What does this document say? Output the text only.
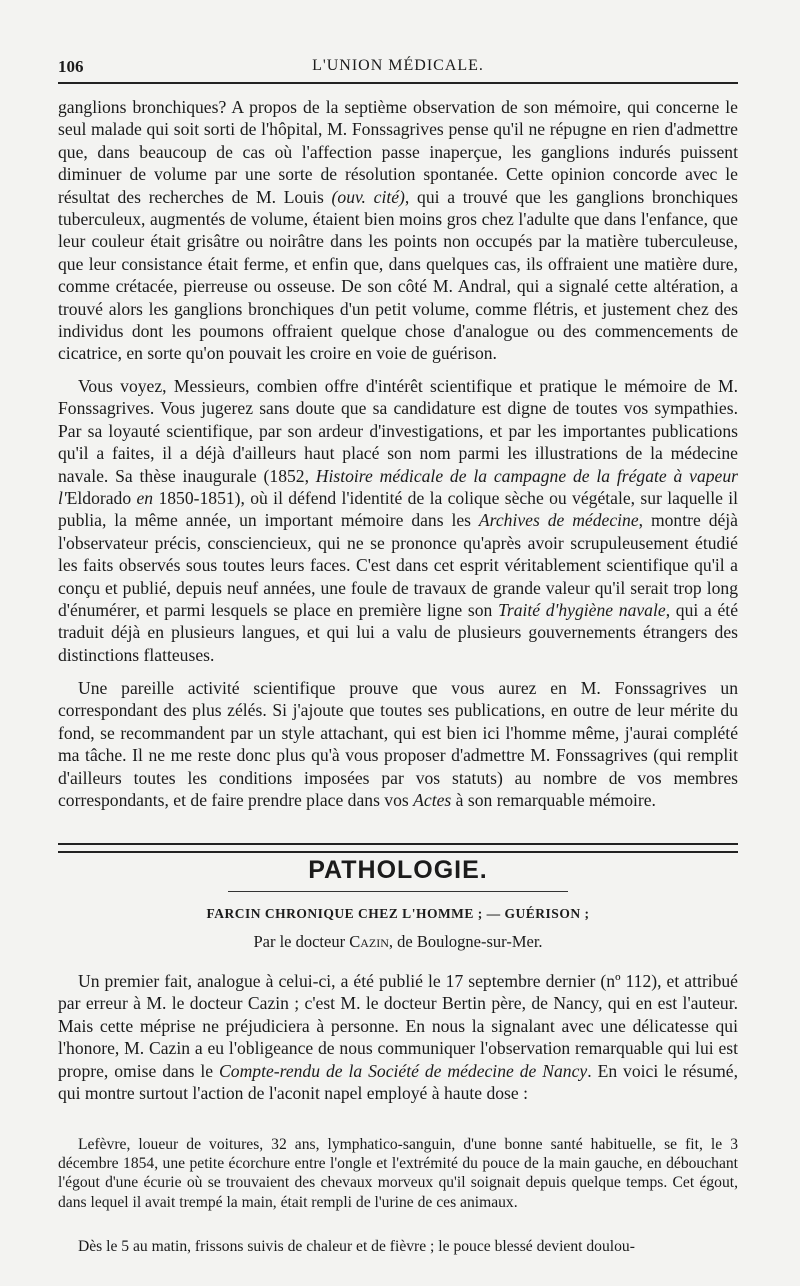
106	L'UNION MÉDICALE.

ganglions bronchiques? A propos de la septième observation de son mémoire, qui concerne le seul malade qui soit sorti de l'hôpital, M. Fonssagrives pense qu'il ne répugne en rien d'admettre que, dans beaucoup de cas où l'affection passe inaperçue, les ganglions indurés puissent diminuer de volume par une sorte de résolution spontanée. Cette opinion concorde avec le résultat des recherches de M. Louis (ouv. cité), qui a trouvé que les ganglions bronchiques tuberculeux, augmentés de volume, étaient bien moins gros chez l'adulte que dans l'enfance, que leur couleur était grisâtre ou noirâtre dans les points non occupés par la matière tuberculeuse, que leur consistance était ferme, et enfin que, dans quelques cas, ils offraient une matière dure, comme crétacée, pierreuse ou osseuse. De son côté M. Andral, qui a signalé cette altération, a trouvé alors les ganglions bronchiques d'un petit volume, comme flétris, et justement chez des individus dont les poumons offraient quelque chose d'analogue ou des commencements de cicatrice, en sorte qu'on pouvait les croire en voie de guérison.

Vous voyez, Messieurs, combien offre d'intérêt scientifique et pratique le mémoire de M. Fonssagrives. Vous jugerez sans doute que sa candidature est digne de toutes vos sympathies. Par sa loyauté scientifique, par son ardeur d'investigations, et par les importantes publications qu'il a faites, il a déjà d'ailleurs haut placé son nom parmi les illustrations de la médecine navale. Sa thèse inaugurale (1852, Histoire médicale de la campagne de la frégate à vapeur l'Eldorado en 1850-1851), où il défend l'identité de la colique sèche ou végétale, sur laquelle il publia, la même année, un important mémoire dans les Archives de médecine, montre déjà l'observateur précis, consciencieux, qui ne se prononce qu'après avoir scrupuleusement étudié les faits observés sous toutes leurs faces. C'est dans cet esprit véritablement scientifique qu'il a conçu et publié, depuis neuf années, une foule de travaux de grande valeur qu'il serait trop long d'énumérer, et parmi lesquels se place en première ligne son Traité d'hygiène navale, qui a été traduit déjà en plusieurs langues, et qui lui a valu de plusieurs gouvernements étrangers des distinctions flatteuses.

Une pareille activité scientifique prouve que vous aurez en M. Fonssagrives un correspondant des plus zélés. Si j'ajoute que toutes ses publications, en outre de leur mérite du fond, se recommandent par un style attachant, qui est bien ici l'homme même, j'aurai complété ma tâche. Il ne me reste donc plus qu'à vous proposer d'admettre M. Fonssagrives (qui remplit d'ailleurs toutes les conditions imposées par vos statuts) au nombre de vos membres correspondants, et de faire prendre place dans vos Actes à son remarquable mémoire.

PATHOLOGIE.
FARCIN CHRONIQUE CHEZ L'HOMME ; — GUÉRISON ;
Par le docteur Cazin, de Boulogne-sur-Mer.

Un premier fait, analogue à celui-ci, a été publié le 17 septembre dernier (nº 112), et attribué par erreur à M. le docteur Cazin ; c'est M. le docteur Bertin père, de Nancy, qui en est l'auteur. Mais cette méprise ne préjudiciera à personne. En nous la signalant avec une délicatesse qui l'honore, M. Cazin a eu l'obligeance de nous communiquer l'observation remarquable qui lui est propre, omise dans le Compte-rendu de la Société de médecine de Nancy. En voici le résumé, qui montre surtout l'action de l'aconit napel employé à haute dose :

Lefèvre, loueur de voitures, 32 ans, lymphatico-sanguin, d'une bonne santé habituelle, se fit, le 3 décembre 1854, une petite écorchure entre l'ongle et l'extrémité du pouce de la main gauche, en débouchant l'égout d'une écurie où se trouvaient des chevaux morveux qu'il soignait depuis quelque temps. Cet égout, dans lequel il avait trempé la main, était rempli de l'urine de ces animaux.

Dès le 5 au matin, frissons suivis de chaleur et de fièvre ; le pouce blessé devient doulou-
